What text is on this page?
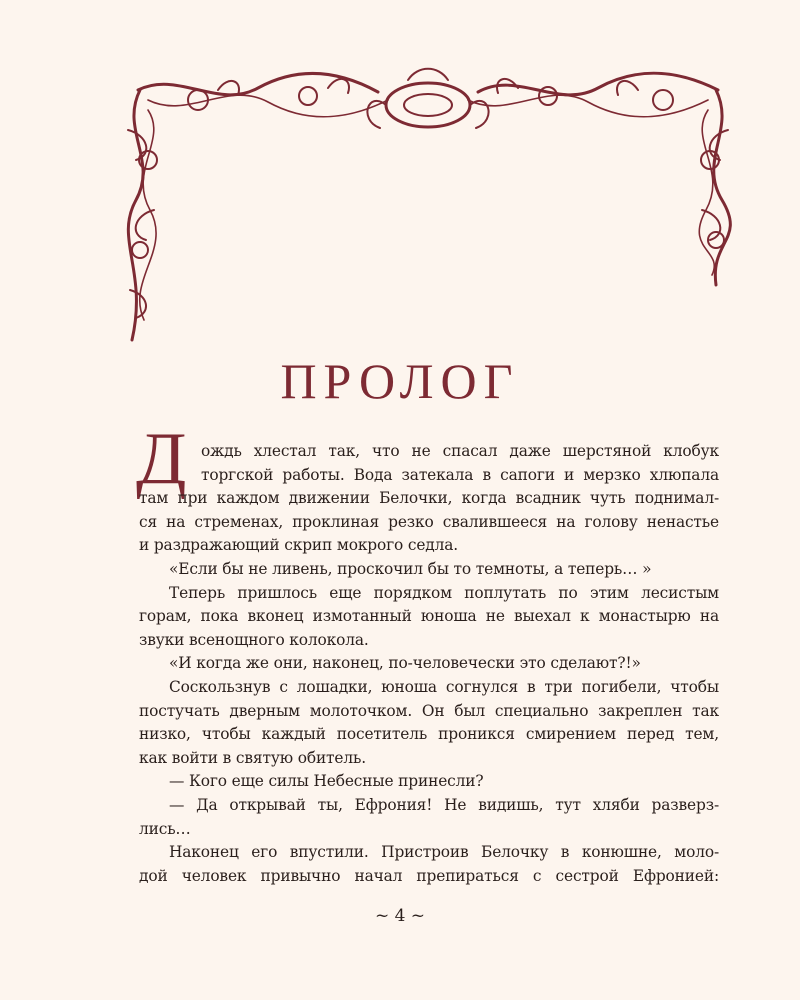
ПРОЛОГ
Д ождь хлестал так, что не спасал даже шерстяной клобук
торгской работы. Вода затекала в сапоги и мерзко хлюпала
там при каждом движении Белочки, когда всадник чуть поднимал-
ся на стременах, проклиная резко свалившееся на голову ненастье
и раздражающий скрип мокрого седла.
«Если бы не ливень, проскочил бы то темноты, а теперь… »
Теперь пришлось еще порядком поплутать по этим лесистым
горам, пока вконец измотанный юноша не выехал к монастырю на
звуки всенощного колокола.
«И когда же они, наконец, по-человечески это сделают?!»
Соскользнув с лошадки, юноша согнулся в три погибели, чтобы
постучать дверным молоточком. Он был специально закреплен так
низко, чтобы каждый посетитель проникся смирением перед тем,
как войти в святую обитель.
— Кого еще силы Небесные принесли?
— Да открывай ты, Ефрония! Не видишь, тут хляби разверз-
лись…
Наконец его впустили. Пристроив Белочку в конюшне, моло-
дой человек привычно начал препираться с сестрой Ефронией:
~ 4 ~
